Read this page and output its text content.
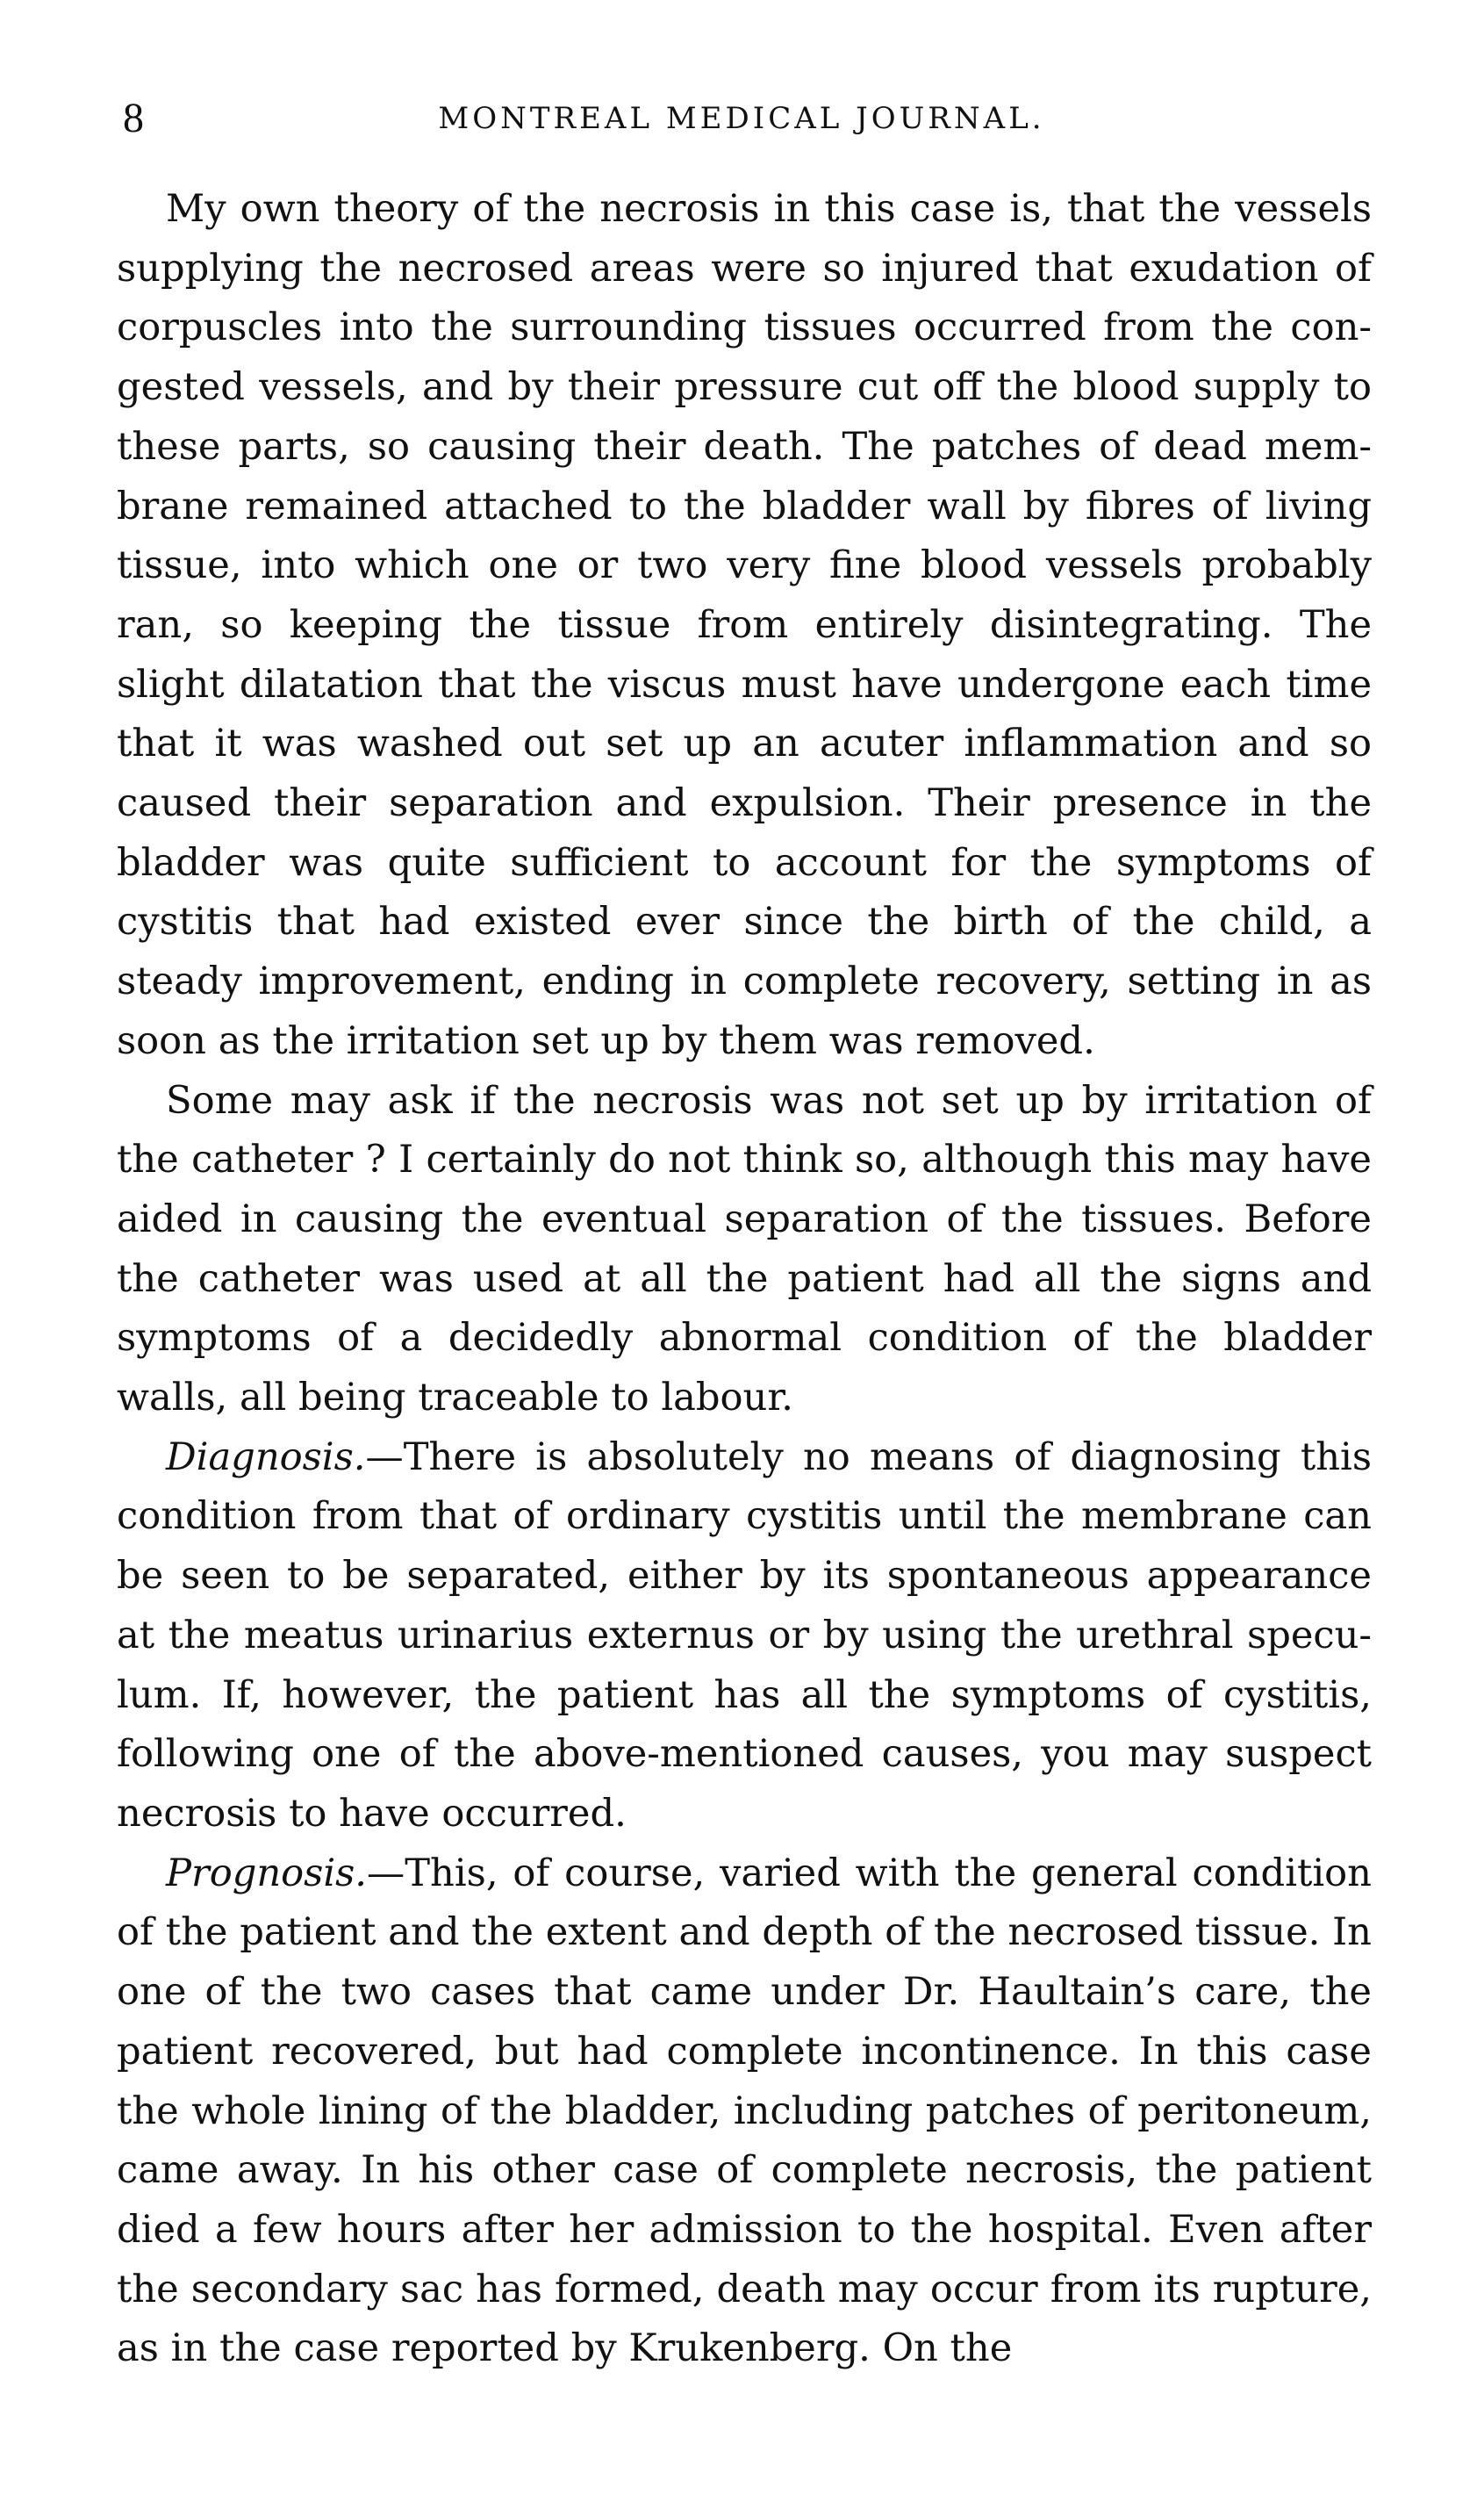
8	MONTREAL MEDICAL JOURNAL.

My own theory of the necrosis in this case is, that the vessels supplying the necrosed areas were so injured that exudation of corpuscles into the surrounding tissues occurred from the congested vessels, and by their pressure cut off the blood supply to these parts, so causing their death. The patches of dead membrane remained attached to the bladder wall by fibres of living tissue, into which one or two very fine blood vessels probably ran, so keeping the tissue from entirely disintegrating. The slight dilatation that the viscus must have undergone each time that it was washed out set up an acuter inflammation and so caused their separation and expulsion. Their presence in the bladder was quite sufficient to account for the symptoms of cystitis that had existed ever since the birth of the child, a steady improvement, ending in complete recovery, setting in as soon as the irritation set up by them was removed.

Some may ask if the necrosis was not set up by irritation of the catheter ? I certainly do not think so, although this may have aided in causing the eventual separation of the tissues. Before the catheter was used at all the patient had all the signs and symptoms of a decidedly abnormal condition of the bladder walls, all being traceable to labour.

Diagnosis.—There is absolutely no means of diagnosing this condition from that of ordinary cystitis until the membrane can be seen to be separated, either by its spontaneous appearance at the meatus urinarius externus or by using the urethral speculum. If, however, the patient has all the symptoms of cystitis, following one of the above-mentioned causes, you may suspect necrosis to have occurred.

Prognosis.—This, of course, varied with the general condition of the patient and the extent and depth of the necrosed tissue. In one of the two cases that came under Dr. Haultain’s care, the patient recovered, but had complete incontinence. In this case the whole lining of the bladder, including patches of peritoneum, came away. In his other case of complete necrosis, the patient died a few hours after her admission to the hospital. Even after the secondary sac has formed, death may occur from its rupture, as in the case reported by Krukenberg. On the
